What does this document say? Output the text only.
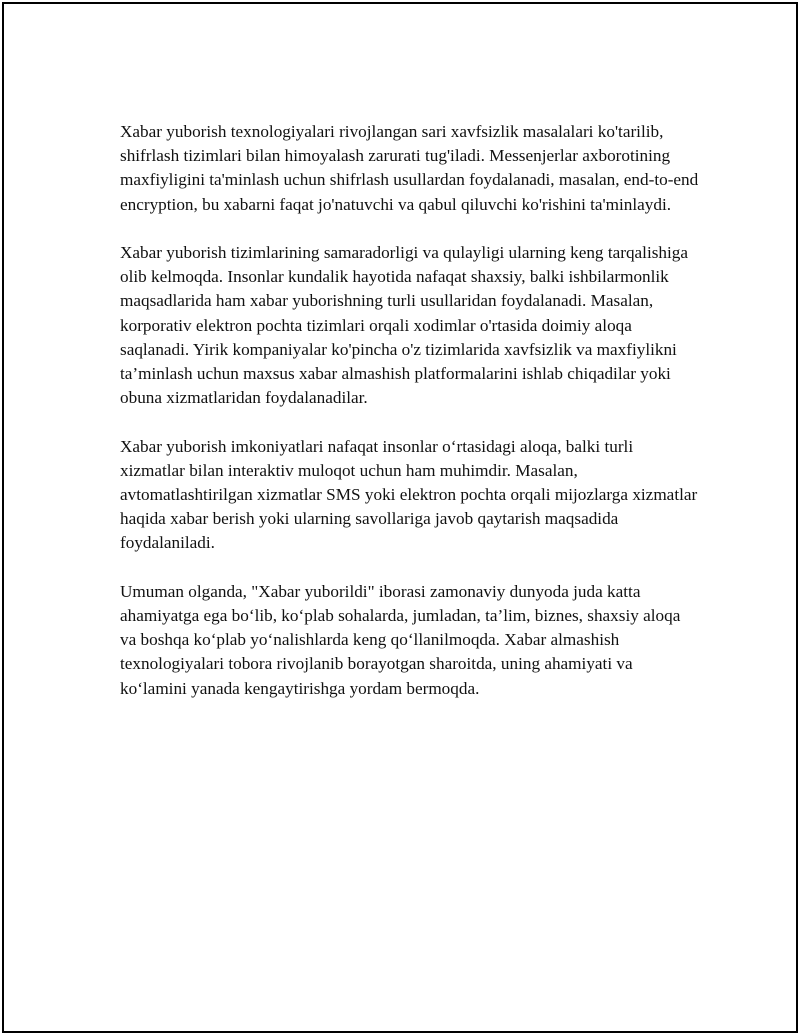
Xabar yuborish texnologiyalari rivojlangan sari xavfsizlik masalalari ko'tarilib, shifrlash tizimlari bilan himoyalash zarurati tug'iladi. Messenjerlar axborotining maxfiyligini ta'minlash uchun shifrlash usullardan foydalanadi, masalan, end-to-end encryption, bu xabarni faqat jo'natuvchi va qabul qiluvchi ko'rishini ta'minlaydi.

Xabar yuborish tizimlarining samaradorligi va qulayligi ularning keng tarqalishiga olib kelmoqda. Insonlar kundalik hayotida nafaqat shaxsiy, balki ishbilarmonlik maqsadlarida ham xabar yuborishning turli usullaridan foydalanadi. Masalan, korporativ elektron pochta tizimlari orqali xodimlar o'rtasida doimiy aloqa saqlanadi. Yirik kompaniyalar ko'pincha o'z tizimlarida xavfsizlik va maxfiylikni ta’minlash uchun maxsus xabar almashish platformalarini ishlab chiqadilar yoki obuna xizmatlaridan foydalanadilar.

Xabar yuborish imkoniyatlari nafaqat insonlar o‘rtasidagi aloqa, balki turli xizmatlar bilan interaktiv muloqot uchun ham muhimdir. Masalan, avtomatlashtirilgan xizmatlar SMS yoki elektron pochta orqali mijozlarga xizmatlar haqida xabar berish yoki ularning savollariga javob qaytarish maqsadida foydalaniladi.

Umuman olganda, "Xabar yuborildi" iborasi zamonaviy dunyoda juda katta ahamiyatga ega bo‘lib, ko‘plab sohalarda, jumladan, ta’lim, biznes, shaxsiy aloqa va boshqa ko‘plab yo‘nalishlarda keng qo‘llanilmoqda. Xabar almashish texnologiyalari tobora rivojlanib borayotgan sharoitda, uning ahamiyati va ko‘lamini yanada kengaytirishga yordam bermoqda.
